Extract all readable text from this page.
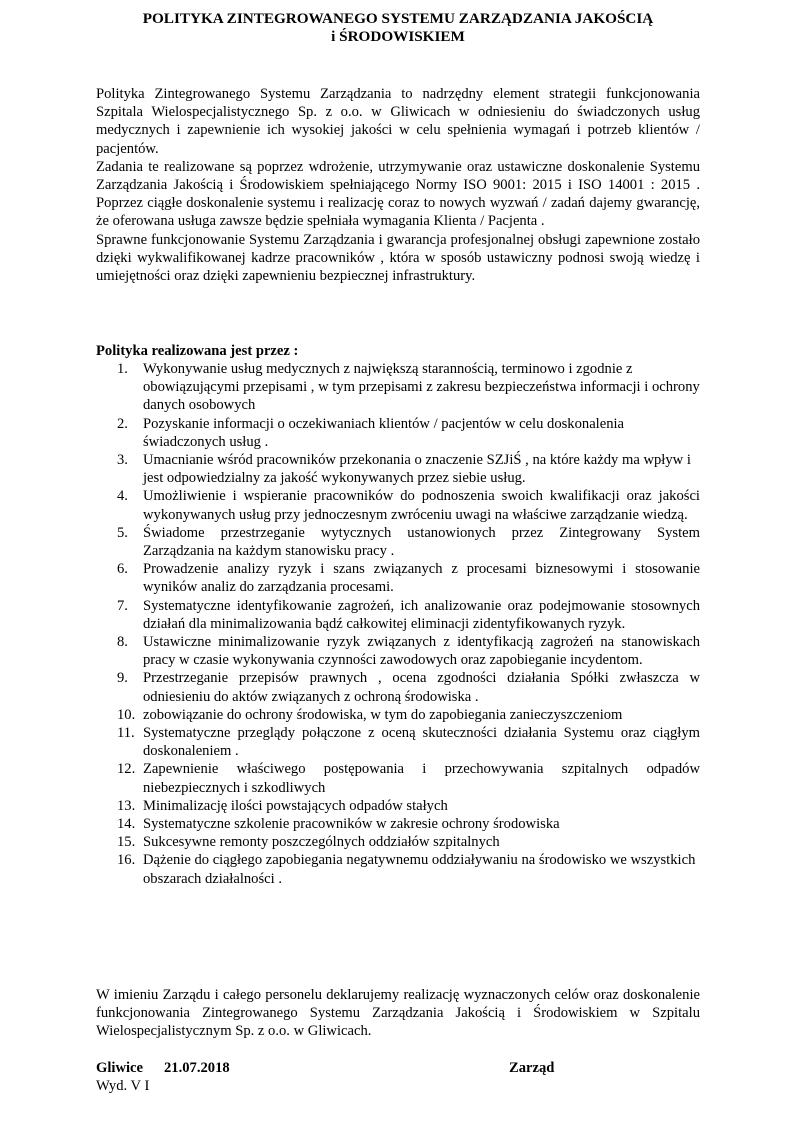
POLITYKA ZINTEGROWANEGO SYSTEMU ZARZĄDZANIA JAKOŚCIĄ
i ŚRODOWISKIEM

Polityka Zintegrowanego Systemu Zarządzania to nadrzędny element strategii funkcjonowania Szpitala Wielospecjalistycznego Sp. z o.o. w Gliwicach w odniesieniu do świadczonych usług medycznych i zapewnienie ich wysokiej jakości w celu spełnienia wymagań i potrzeb klientów / pacjentów.

Zadania te realizowane są poprzez wdrożenie, utrzymywanie oraz ustawiczne doskonalenie Systemu Zarządzania Jakością i Środowiskiem spełniającego Normy ISO 9001: 2015 i ISO 14001 : 2015 . Poprzez ciągłe doskonalenie systemu i realizację coraz to nowych wyzwań / zadań dajemy gwarancję, że oferowana usługa zawsze będzie spełniała wymagania Klienta / Pacjenta .

Sprawne funkcjonowanie Systemu Zarządzania i gwarancja profesjonalnej obsługi zapewnione zostało dzięki wykwalifikowanej kadrze pracowników , która w sposób ustawiczny podnosi swoją wiedzę i umiejętności oraz dzięki zapewnieniu bezpiecznej infrastruktury.

Polityka realizowana jest przez :
1. Wykonywanie usług medycznych z największą starannością, terminowo i zgodnie z obowiązującymi przepisami , w tym przepisami z zakresu bezpieczeństwa informacji i ochrony danych osobowych
2. Pozyskanie informacji o oczekiwaniach klientów / pacjentów w celu doskonalenia świadczonych usług .
3. Umacnianie wśród pracowników przekonania o znaczenie SZJiŚ , na które każdy ma wpływ i jest odpowiedzialny za jakość wykonywanych przez siebie usług.
4. Umożliwienie i wspieranie pracowników do podnoszenia swoich kwalifikacji oraz jakości wykonywanych usług przy jednoczesnym zwróceniu uwagi na właściwe zarządzanie wiedzą.
5. Świadome przestrzeganie wytycznych ustanowionych przez Zintegrowany System Zarządzania na każdym stanowisku pracy .
6. Prowadzenie analizy ryzyk i szans związanych z procesami biznesowymi i stosowanie wyników analiz do zarządzania procesami.
7. Systematyczne identyfikowanie zagrożeń, ich analizowanie oraz podejmowanie stosownych działań dla minimalizowania bądź całkowitej eliminacji zidentyfikowanych ryzyk.
8. Ustawiczne minimalizowanie ryzyk związanych z identyfikacją zagrożeń na stanowiskach pracy w czasie wykonywania czynności zawodowych oraz zapobieganie incydentom.
9. Przestrzeganie przepisów prawnych , ocena zgodności działania Spółki zwłaszcza w odniesieniu do aktów związanych z ochroną środowiska .
10. zobowiązanie do ochrony środowiska, w tym do zapobiegania zanieczyszczeniom
11. Systematyczne przeglądy połączone z oceną skuteczności działania Systemu oraz ciągłym doskonaleniem .
12. Zapewnienie właściwego postępowania i przechowywania szpitalnych odpadów niebezpiecznych i szkodliwych
13. Minimalizację ilości powstających odpadów stałych
14. Systematyczne szkolenie pracowników w zakresie ochrony środowiska
15. Sukcesywne remonty poszczególnych oddziałów szpitalnych
16. Dążenie do ciągłego zapobiegania negatywnemu oddziaływaniu na środowisko we wszystkich obszarach działalności .

W imieniu Zarządu i całego personelu deklarujemy realizację wyznaczonych celów oraz doskonalenie funkcjonowania Zintegrowanego Systemu Zarządzania Jakością i Środowiskiem w Szpitalu Wielospecjalistycznym Sp. z o.o. w Gliwicach.

Gliwice 21.07.2018	Zarząd
Wyd. V I
